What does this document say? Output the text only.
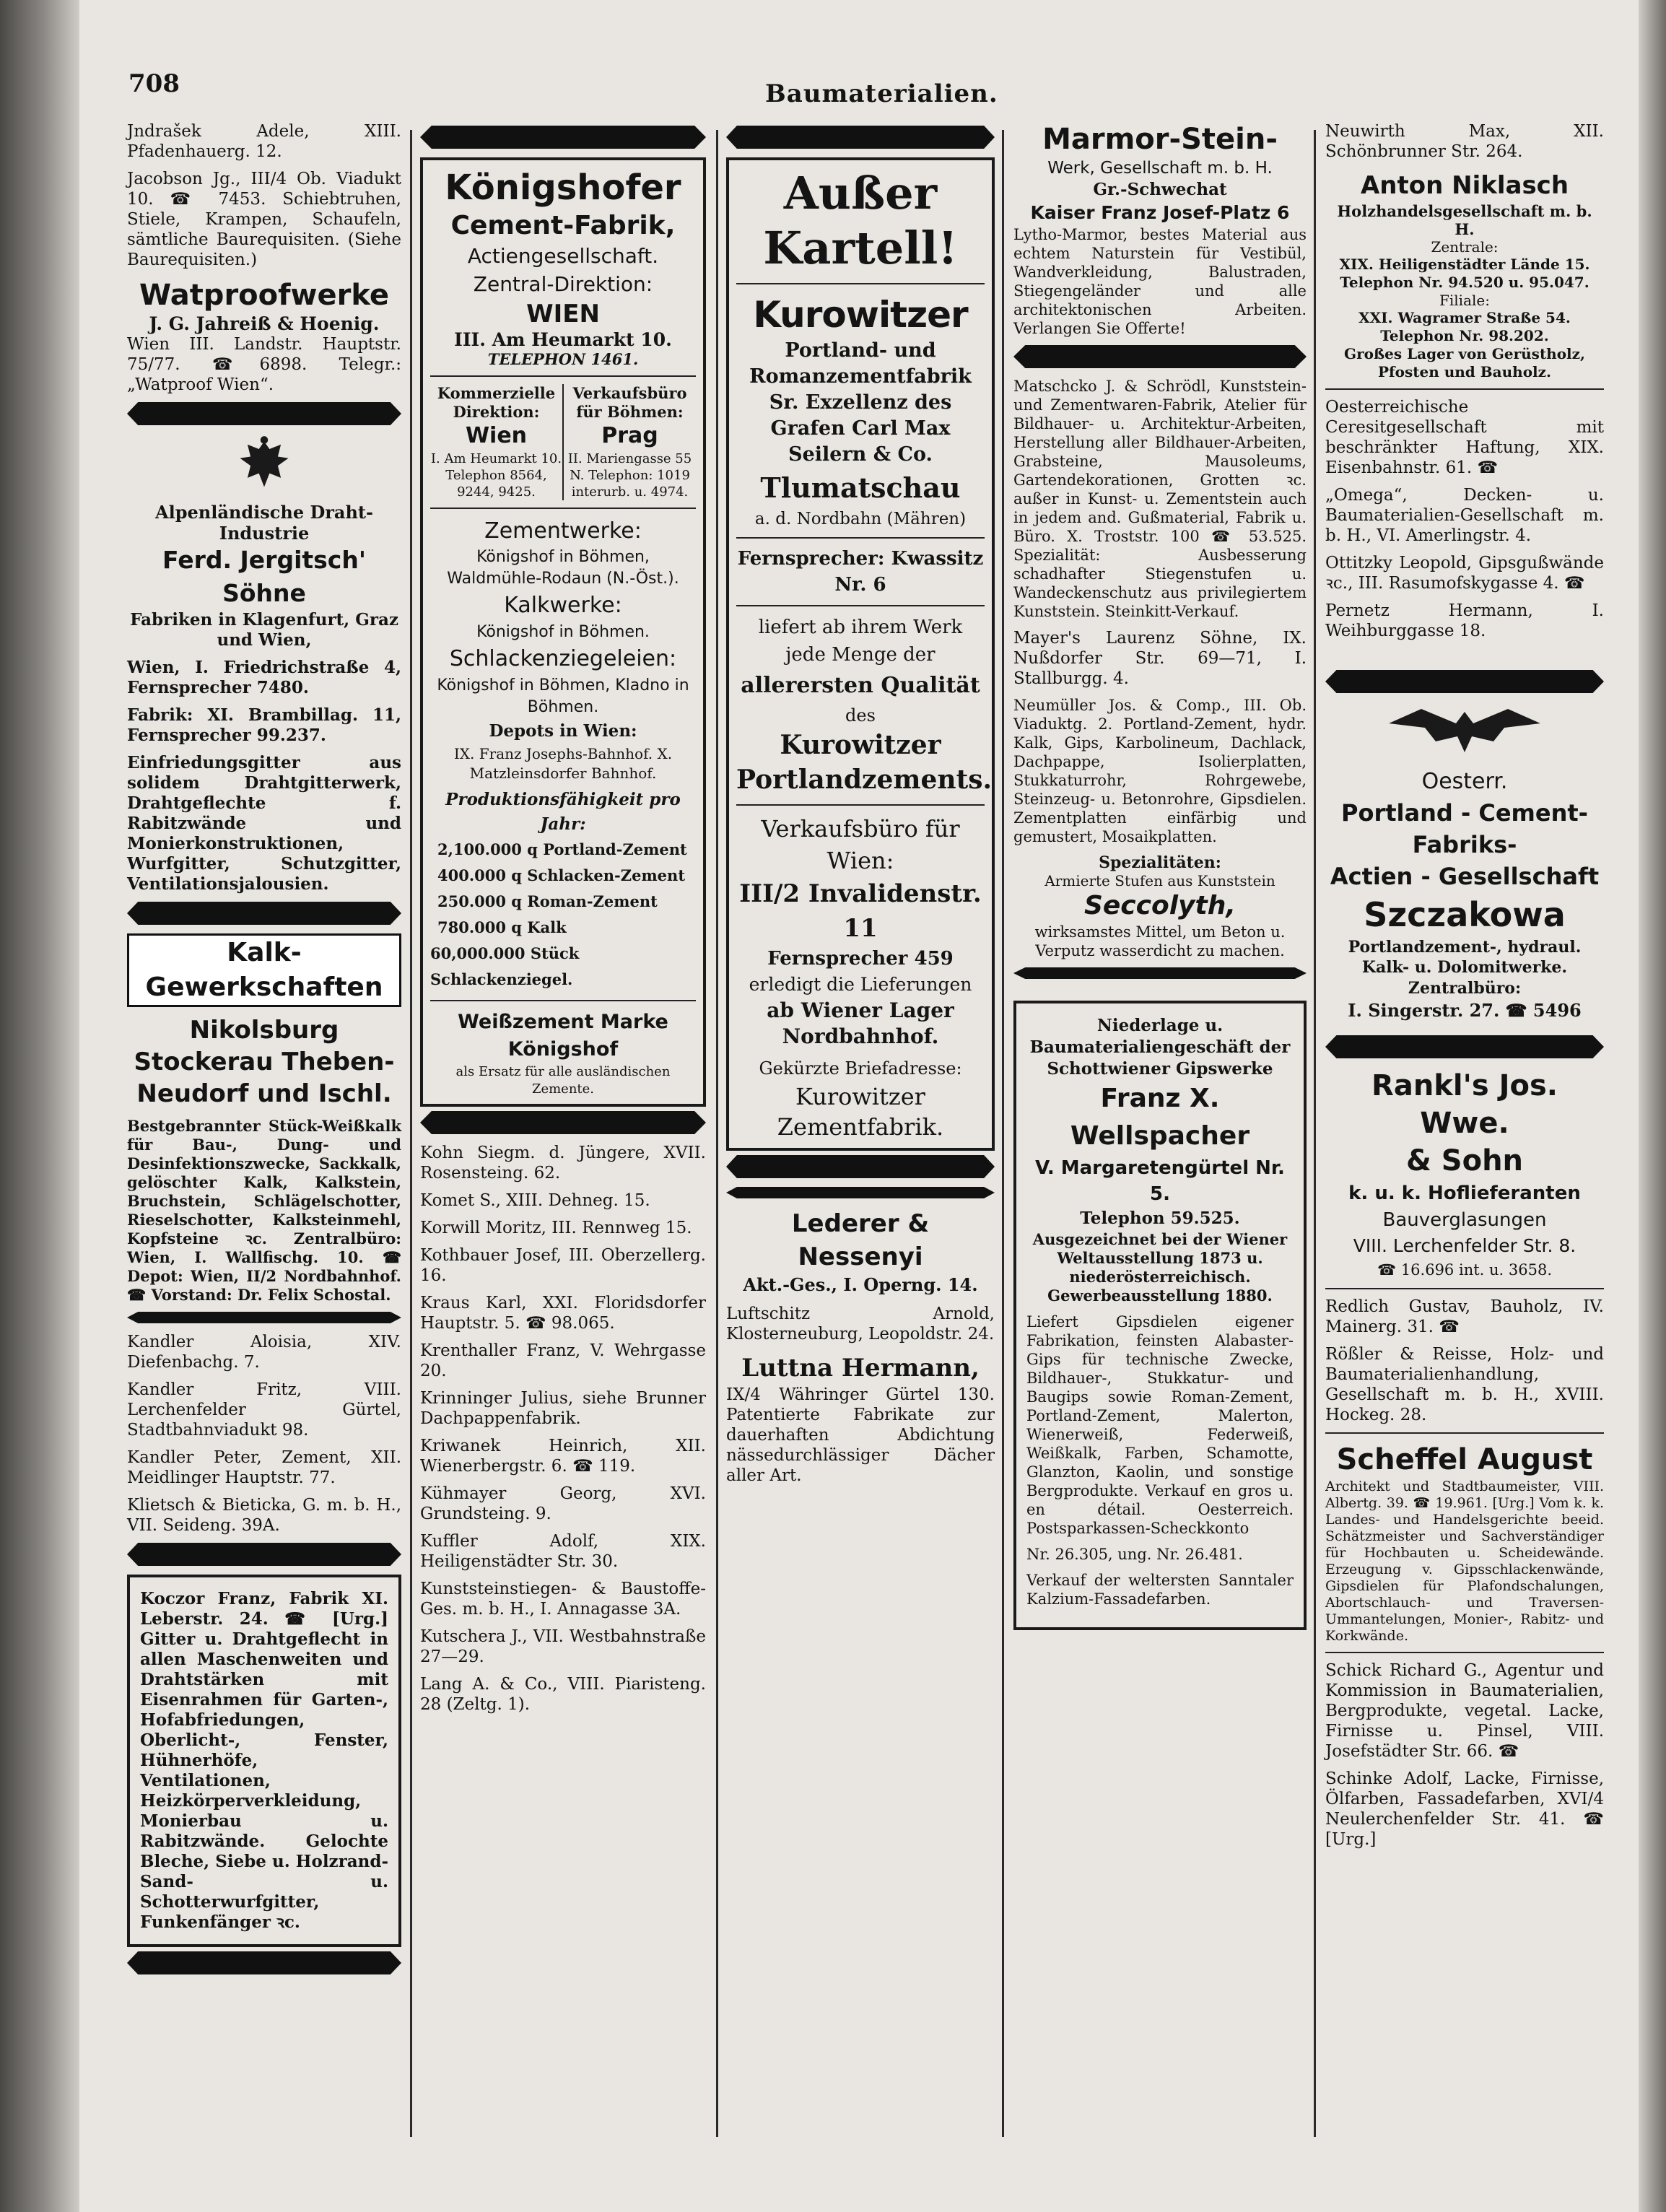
708	Baumaterialien.

Jndrašek Adele, XIII. Pfadenhauerg. 12.

Jacobson Jg., III/4 Ob. Viadukt 10. ☎ 7453. Schiebtruhen, Stiele, Krampen, Schaufeln, sämtliche Baurequisiten. (Siehe Baurequisiten.)

Watproofwerke
J. G. Jahreiß & Hoenig.

Wien III. Landstr. Hauptstr. 75/77. ☎6898. Telegr.: „Watproof Wien“.

Alpenländische Draht-Industrie
Ferd. Jergitsch' Söhne

Fabriken in Klagenfurt, Graz und Wien,

Wien, I. Friedrichstraße 4, Fernsprecher 7480.

Fabrik: XI. Brambillag. 11, Fernsprecher 99.237.

Einfriedungsgitter aus solidem Drahtgitterwerk, Drahtgeflechte f. Rabitzwände und Monierkonstruktionen, Wurfgitter, Schutzgitter, Ventilationsjalousien.

Kalk-Gewerkschaften
Nikolsburg Stockerau Theben-Neudorf und Ischl.

Bestgebrannter Stück-Weißkalk für Bau-, Dung- und Desinfektionszwecke, Sackkalk, gelöschter Kalk, Kalkstein, Bruchstein, Schlägelschotter, Rieselschotter, Kalksteinmehl, Kopfsteine ꝛc. Zentralbüro: Wien, I. Wallfischg. 10. ☎ Depot: Wien, II/2 Nordbahnhof. ☎ Vorstand: Dr. Felix Schostal.

Kandler Aloisia, XIV. Diefenbachg. 7.

Kandler Fritz, VIII. Lerchenfelder Gürtel, Stadtbahnviadukt 98.

Kandler Peter, Zement, XII. Meidlinger Hauptstr. 77.

Klietsch & Bieticka, G. m. b. H., VII. Seideng. 39A.

Koczor Franz, Fabrik XI. Leberstr. 24. ☎ [Urg.] Gitter u. Drahtgeflecht in allen Maschenweiten und Drahtstärken mit Eisenrahmen für Garten-, Hofabfriedungen, Oberlicht-, Fenster, Hühnerhöfe, Ventilationen, Heizkörperverkleidung, Monierbau u. Rabitzwände. Gelochte Bleche, Siebe u. Holzrand-Sand- u. Schotterwurfgitter, Funkenfänger ꝛc.

Königshofer
Cement-Fabrik,
Actiengesellschaft.
Zentral-Direktion:
WIEN
III. Am Heumarkt 10.
TELEPHON 1461.
Kommerzielle Direktion:
Wien
I. Am Heumarkt 10. Telephon 8564, 9244, 9425.
Verkaufsbüro für Böhmen:
Prag
II. Mariengasse 55 N. Telephon: 1019 interurb. u. 4974.
Zementwerke:
Königshof in Böhmen, Waldmühle-Rodaun (N.-Öst.).
Kalkwerke:
Königshof in Böhmen.
Schlackenziegeleien:
Königshof in Böhmen, Kladno in Böhmen.
Depots in Wien:
IX. Franz Josephs-Bahnhof. X. Matzleinsdorfer Bahnhof.
Produktionsfähigkeit pro Jahr:
2,100.000 q Portland-Zement
400.000 q Schlacken-Zement
250.000 q Roman-Zement
780.000 q Kalk
60,000.000 Stück Schlackenziegel.
Weißzement Marke Königshof
als Ersatz für alle ausländischen Zemente.

Kohn Siegm. d. Jüngere, XVII. Rosensteing. 62.

Komet S., XIII. Dehneg. 15.

Korwill Moritz, III. Rennweg 15.

Kothbauer Josef, III. Oberzellerg. 16.

Kraus Karl, XXI. Floridsdorfer Hauptstr. 5. ☎ 98.065.

Krenthaller Franz, V. Wehrgasse 20.

Krinninger Julius, siehe Brunner Dachpappenfabrik.

Kriwanek Heinrich, XII. Wienerbergstr. 6. ☎ 119.

Kühmayer Georg, XVI. Grundsteing. 9.

Kuffler Adolf, XIX. Heiligenstädter Str. 30.

Kunststeinstiegen- & Baustoffe-Ges. m. b. H., I. Annagasse 3A.

Kutschera J., VII. Westbahnstraße 27—29.

Lang A. & Co., VIII. Piaristeng. 28 (Zeltg. 1).

Außer
Kartell!
Kurowitzer
Portland- und Romanzementfabrik Sr. Exzellenz des Grafen Carl Max Seilern & Co.
Tlumatschau
a. d. Nordbahn (Mähren)
Fernsprecher: Kwassitz Nr. 6
liefert ab ihrem Werk jede Menge der
allerersten Qualität
des
Kurowitzer Portlandzements.
Verkaufsbüro für Wien:
III/2 Invalidenstr. 11
Fernsprecher 459
erledigt die Lieferungen
ab Wiener Lager Nordbahnhof.
Gekürzte Briefadresse:
Kurowitzer Zementfabrik.
Lederer & Nessenyi
Akt.-Ges., I. Operng. 14.

Luftschitz Arnold, Klosterneuburg, Leopoldstr. 24.

Luttna Hermann,

IX/4 Währinger Gürtel 130. Patentierte Fabrikate zur dauerhaften Abdichtung nässedurchlässiger Dächer aller Art.

Marmor-Stein-
Werk, Gesellschaft m. b. H.
Gr.-Schwechat
Kaiser Franz Josef-Platz 6

Lytho-Marmor, bestes Material aus echtem Naturstein für Vestibül, Wandverkleidung, Balustraden, Stiegengeländer und alle architektonischen Arbeiten. Verlangen Sie Offerte!

Matschcko J. & Schrödl, Kunststein- und Zementwaren-Fabrik, Atelier für Bildhauer- u. Architektur-Arbeiten, Herstellung aller Bildhauer-Arbeiten, Grabsteine, Mausoleums, Gartendekorationen, Grotten ꝛc. außer in Kunst- u. Zementstein auch in jedem and. Gußmaterial, Fabrik u. Büro. X. Troststr. 100 ☎ 53.525. Spezialität: Ausbesserung schadhafter Stiegenstufen u. Wandeckenschutz aus privilegiertem Kunststein. Steinkitt-Verkauf.

Mayer's Laurenz Söhne, IX. Nußdorfer Str. 69—71, I. Stallburgg. 4.

Neumüller Jos. & Comp., III. Ob. Viaduktg. 2. Portland-Zement, hydr. Kalk, Gips, Karbolineum, Dachlack, Dachpappe, Isolierplatten, Stukkaturrohr, Rohrgewebe, Steinzeug- u. Betonrohre, Gipsdielen. Zementplatten einfärbig und gemustert, Mosaikplatten.

Spezialitäten:
Armierte Stufen aus Kunststein
Seccolyth,

wirksamstes Mittel, um Beton u. Verputz wasserdicht zu machen.

Niederlage u. Baumaterialiengeschäft der Schottwiener Gipswerke
Franz X. Wellspacher
V. Margaretengürtel Nr. 5.
Telephon 59.525.

Ausgezeichnet bei der Wiener Weltausstellung 1873 u. niederösterreichisch. Gewerbeausstellung 1880.

Liefert Gipsdielen eigener Fabrikation, feinsten Alabaster-Gips für technische Zwecke, Bildhauer-, Stukkatur- und Baugips sowie Roman-Zement, Portland-Zement, Malerton, Wienerweiß, Federweiß, Weißkalk, Farben, Schamotte, Glanzton, Kaolin, und sonstige Bergprodukte. Verkauf en gros u. en détail. Oesterreich. Postsparkassen-Scheckkonto

Nr. 26.305, ung. Nr. 26.481.

Verkauf der weltersten Sanntaler Kalzium-Fassadefarben.

Neuwirth Max, XII. Schönbrunner Str. 264.

Anton Niklasch
Holzhandelsgesellschaft m. b. H.
Zentrale:
XIX. Heiligenstädter Lände 15. Telephon Nr. 94.520 u. 95.047.
Filiale:
XXI. Wagramer Straße 54. Telephon Nr. 98.202.
Großes Lager von Gerüstholz, Pfosten und Bauholz.

Oesterreichische Ceresitgesellschaft mit beschränkter Haftung, XIX. Eisenbahnstr. 61. ☎

„Omega“, Decken- u. Baumaterialien-Gesellschaft m. b. H., VI. Amerlingstr. 4.

Ottitzky Leopold, Gipsgußwände ꝛc., III. Rasumofskygasse 4. ☎

Pernetz Hermann, I. Weihburggasse 18.

Oesterr.
Portland - Cement-
Fabriks-
Actien - Gesellschaft
Szczakowa
Portlandzement-, hydraul. Kalk- u. Dolomitwerke.
Zentralbüro:
I. Singerstr. 27. ☎ 5496
Rankl's Jos. Wwe.
& Sohn
k. u. k. Hoflieferanten
Bauverglasungen
VIII. Lerchenfelder Str. 8.
☎ 16.696 int. u. 3658.

Redlich Gustav, Bauholz, IV. Mainerg. 31. ☎

Rößler & Reisse, Holz- und Baumaterialienhandlung, Gesellschaft m. b. H., XVIII. Hockeg. 28.

Scheffel August

Architekt und Stadtbaumeister, VIII. Albertg. 39. ☎ 19.961. [Urg.] Vom k. k. Landes- und Handelsgerichte beeid. Schätzmeister und Sachverständiger für Hochbauten u. Scheidewände. Erzeugung v. Gipsschlackenwände, Gipsdielen für Plafondschalungen, Abortschlauch- und Traversen-Ummantelungen, Monier-, Rabitz- und Korkwände.

Schick Richard G., Agentur und Kommission in Baumaterialien, Bergprodukte, vegetal. Lacke, Firnisse u. Pinsel, VIII. Josefstädter Str. 66. ☎

Schinke Adolf, Lacke, Firnisse, Ölfarben, Fassadefarben, XVI/4 Neulerchenfelder Str. 41. ☎ [Urg.]
